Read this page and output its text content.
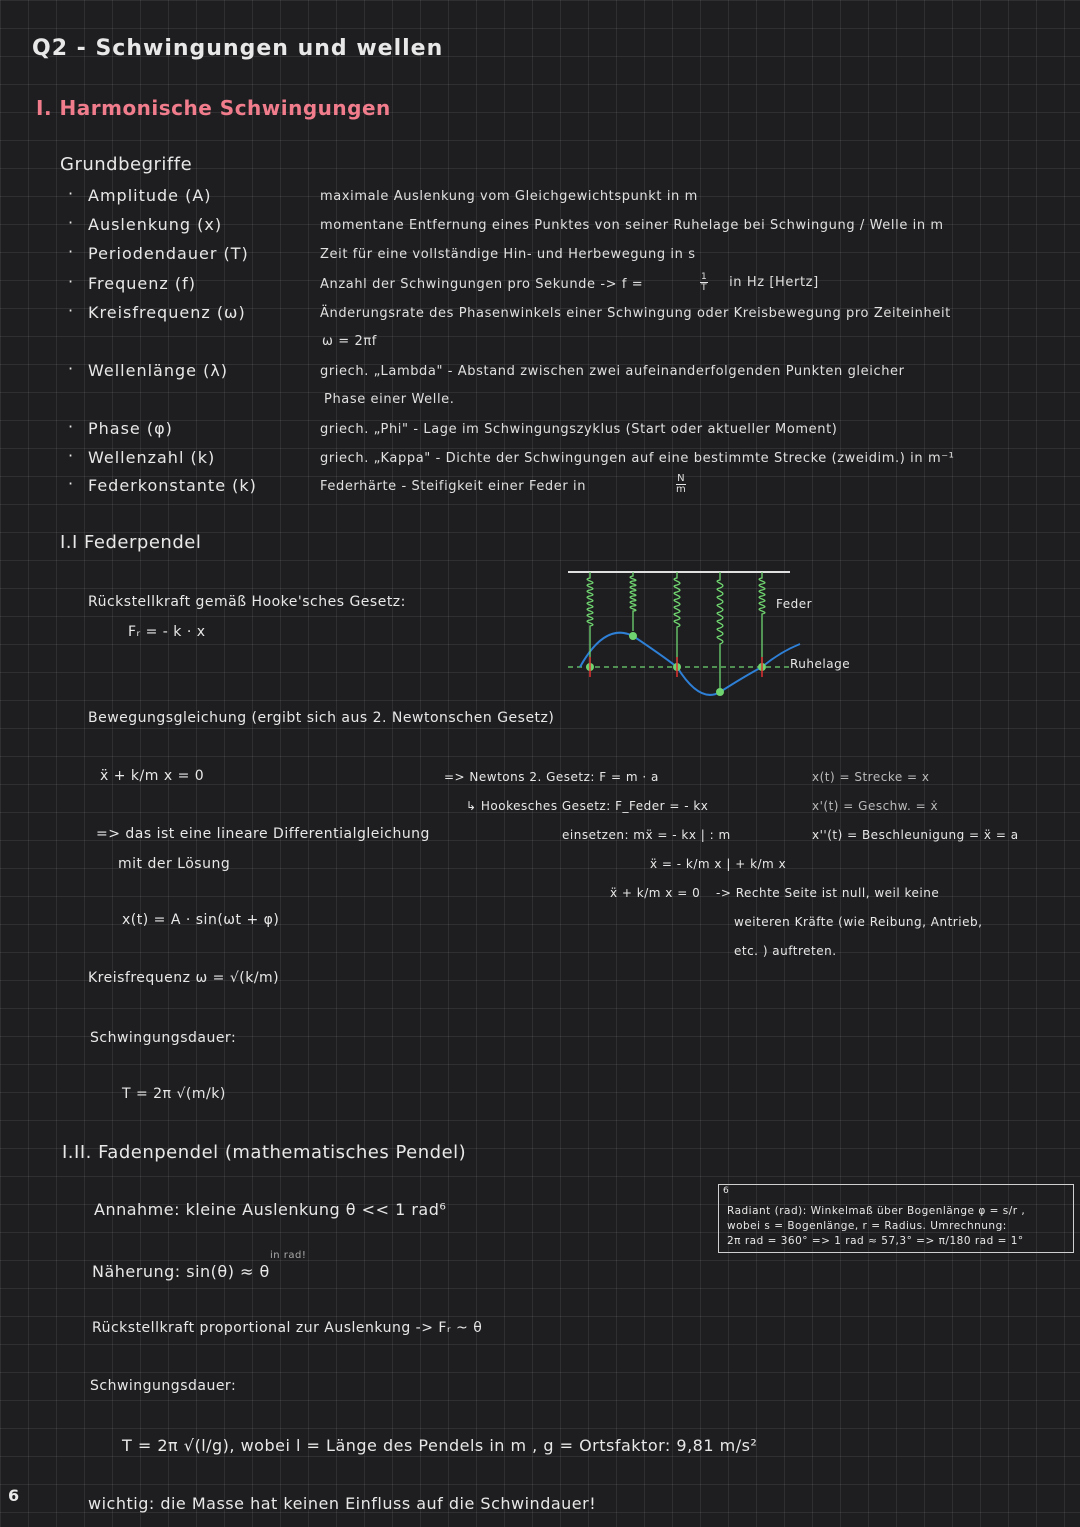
Q2 - Schwingungen und wellen
I. Harmonische Schwingungen
Grundbegriffe
· Amplitude (A)	maximale Auslenkung vom Gleichgewichtspunkt in m
· Auslenkung (x)	momentane Entfernung eines Punktes von seiner Ruhelage bei Schwingung / Welle in m
· Periodendauer (T)	Zeit für eine vollständige Hin- und Herbewegung in s
· Frequenz (f)	Anzahl der Schwingungen pro Sekunde -> f =
· Kreisfrequenz (ω)	Änderungsrate des Phasenwinkels einer Schwingung oder Kreisbewegung pro Zeiteinheit
· Wellenlänge (λ)	griech. „Lambda" - Abstand zwischen zwei aufeinanderfolgenden Punkten gleicher
· Phase (φ)	griech. „Phi" - Lage im Schwingungszyklus (Start oder aktueller Moment)
· Wellenzahl (k)	griech. „Kappa" - Dichte der Schwingungen auf eine bestimmte Strecke (zweidim.) in m⁻¹
· Federkonstante (k)	Federhärte - Steifigkeit einer Feder in
ω = 2πf
Phase einer Welle.
$\frac{1}{T}$ in Hz [Hertz]
$\frac{N}{m}$
I.I Federpendel
Rückstellkraft gemäß Hooke'sches Gesetz:
Fᵣ = - k · x
Feder
Ruhelage
Bewegungsgleichung (ergibt sich aus 2. Newtonschen Gesetz)
ẍ + k/m x = 0	=> Newtons 2. Gesetz: F = m · a
↳ Hookesches Gesetz: F_Feder = - kx
x(t) = Strecke = x
x'(t) = Geschw. = ẋ
x''(t) = Beschleunigung = ẍ = a
=> das ist eine lineare Differentialgleichung
mit der Lösung
einsetzen: mẍ = - kx | : m
ẍ = - k/m x | + k/m x
ẍ + k/m x = 0 -> Rechte Seite ist null, weil keine
weiteren Kräfte (wie Reibung, Antrieb,
etc. ) auftreten.
x(t) = A · sin(ωt + φ)
Kreisfrequenz ω = √(k/m)
Schwingungsdauer:
T = 2π √(m/k)
I.II. Fadenpendel (mathematisches Pendel)
Annahme: kleine Auslenkung θ << 1 rad⁶
in rad!
Näherung: sin(θ) ≈ θ
Rückstellkraft proportional zur Auslenkung -> Fᵣ ~ θ
Schwingungsdauer:
T = 2π √(l/g), wobei l = Länge des Pendels in m , g = Ortsfaktor: 9,81 m/s²
wichtig: die Masse hat keinen Einfluss auf die Schwindauer!
6
Radiant (rad): Winkelmaß über Bogenlänge φ = s/r ,
wobei s = Bogenlänge, r = Radius. Umrechnung:
2π rad = 360° => 1 rad ≈ 57,3° => π/180 rad = 1°
6
